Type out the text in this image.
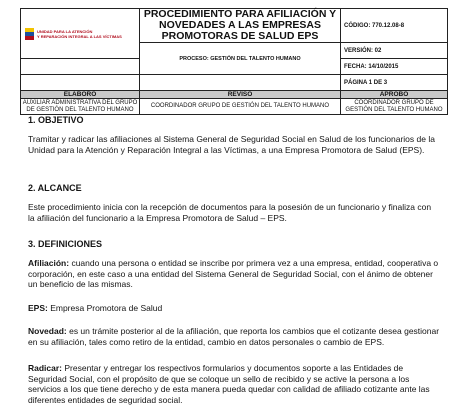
UNIDAD PARA LA ATENCIÓN
Y REPARACIÓN INTEGRAL A LAS VÍCTIMAS	PROCEDIMIENTO PARA AFILIACIÓN Y NOVEDADES A LAS EMPRESAS PROMOTORAS DE SALUD EPS	CÓDIGO: 770.12.08-8
	PROCESO: GESTIÓN DEL TALENTO HUMANO	VERSIÓN: 02
		FECHA: 14/10/2015
		PÁGINA 1 DE 3
ELABORÓ	REVISÓ	APROBÓ
AUXILIAR ADMINISTRATIVA DEL GRUPO DE GESTIÓN DEL TALENTO HUMANO	COORDINADOR GRUPO DE GESTIÓN DEL TALENTO HUMANO	COORDINADOR GRUPO DE GESTIÓN DEL TALENTO HUMANO
1. OBJETIVO

Tramitar y radicar las afiliaciones al Sistema General de Seguridad Social en Salud de los funcionarios de la Unidad para la Atención y Reparación Integral a las Víctimas, a una Empresa Promotora de Salud (EPS).

2. ALCANCE

Este procedimiento inicia con la recepción de documentos para la posesión de un funcionario y finaliza con la afiliación del funcionario a la Empresa Promotora de Salud – EPS.

3. DEFINICIONES

Afiliación: cuando una persona o entidad se inscribe por primera vez a una empresa, entidad, cooperativa o corporación, en este caso a una entidad del Sistema General de Seguridad Social, con el ánimo de obtener un beneficio de las mismas.

EPS: Empresa Promotora de Salud

Novedad: es un trámite posterior al de la afiliación, que reporta los cambios que el cotizante desea gestionar en su afiliación, tales como retiro de la entidad, cambio en datos personales o cambio de EPS.

Radicar: Presentar y entregar los respectivos formularios y documentos soporte a las Entidades de Seguridad Social, con el propósito de que se coloque un sello de recibido y se active la persona a los servicios a los que tiene derecho y de esta manera pueda quedar con calidad de afiliado cotizante ante las diferentes entidades de seguridad social.
